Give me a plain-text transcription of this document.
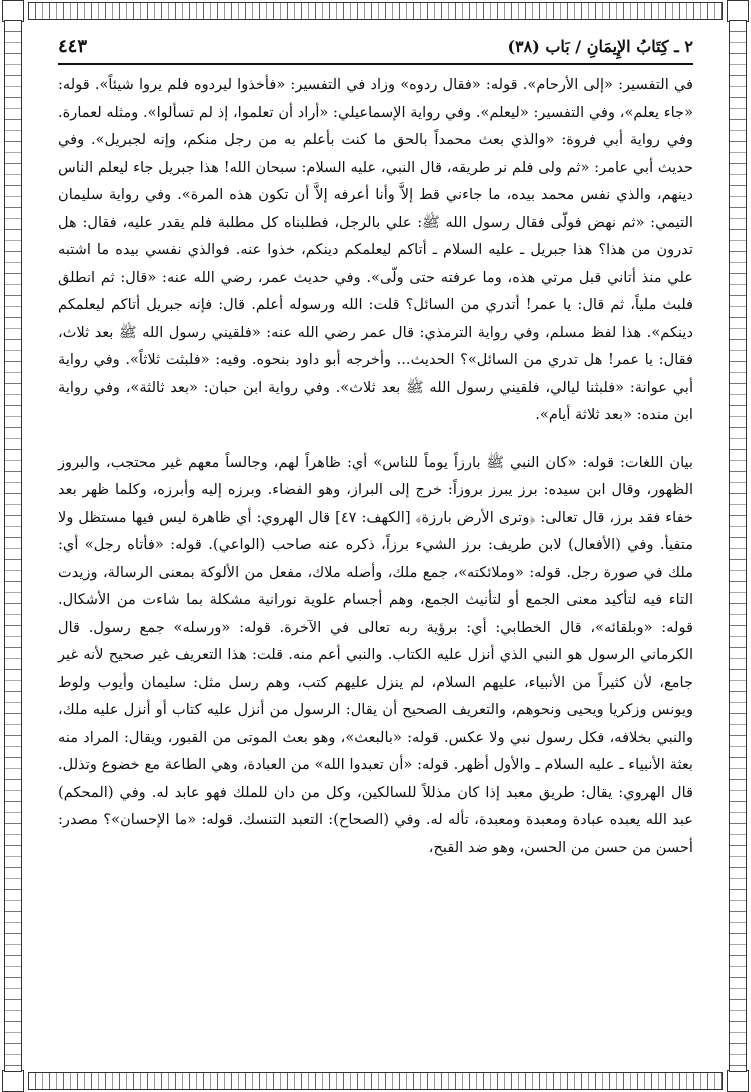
٢ ـ كِتَابُ الإِيمَانِ / بَاب (٣٨)
٤٤٣

في التفسير: «إلى الأرحام». قوله: «فقال ردوه» وزاد في التفسير: «فأخذوا ليردوه فلم يروا شيئاً». قوله: «جاء يعلم»، وفي التفسير: «ليعلم». وفي رواية الإسماعيلي: «أراد أن تعلموا، إذ لم تسألوا». ومثله لعمارة. وفي رواية أبي فروة: «والذي بعث محمداً بالحق ما كنت بأعلم به من رجل منكم، وإنه لجبريل». وفي حديث أبي عامر: «ثم ولى فلم نر طريقه، قال النبي، عليه السلام: سبحان الله! هذا جبريل جاء ليعلم الناس دينهم، والذي نفس محمد بيده، ما جاءني قط إلاَّ وأنا أعرفه إلاَّ أن تكون هذه المرة». وفي رواية سليمان التيمي: «ثم نهض فولّى فقال رسول الله ﷺ: علي بالرجل، فطلبناه كل مطلبة فلم يقدر عليه، فقال: هل تدرون من هذا؟ هذا جبريل ـ عليه السلام ـ أتاكم ليعلمكم دينكم، خذوا عنه. فوالذي نفسي بيده ما اشتبه علي منذ أتاني قبل مرتي هذه، وما عرفته حتى ولّى». وفي حديث عمر، رضي الله عنه: «قال: ثم انطلق فلبث ملياً، ثم قال: يا عمر! أتدري من السائل؟ قلت: الله ورسوله أعلم. قال: فإنه جبريل أتاكم ليعلمكم دينكم». هذا لفظ مسلم، وفي رواية الترمذي: قال عمر رضي الله عنه: «فلقيني رسول الله ﷺ بعد ثلاث، فقال: يا عمر! هل تدري من السائل»؟ الحديث... وأخرجه أبو داود بنحوه. وفيه: «فلبثت ثلاثاً». وفي رواية أبي عوانة: «فلبثنا ليالي، فلقيني رسول الله ﷺ بعد ثلاث». وفي رواية ابن حبان: «بعد ثالثة»، وفي رواية ابن منده: «بعد ثلاثة أيام».

بيان اللغات: قوله: «كان النبي ﷺ بارزاً يوماً للناس» أي: ظاهراً لهم، وجالساً معهم غير محتجب، والبروز الظهور، وقال ابن سيده: برز يبرز بروزاً: خرج إلى البراز، وهو الفضاء. وبرزه إليه وأبرزه، وكلما ظهر بعد خفاء فقد برز، قال تعالى: ﴿وترى الأرض بارزة﴾ [الكهف: ٤٧] قال الهروي: أي ظاهرة ليس فيها مستظل ولا متفيأ. وفي (الأفعال) لابن طريف: برز الشيء برزاً، ذكره عنه صاحب (الواعي). قوله: «فأتاه رجل» أي: ملك في صورة رجل. قوله: «وملائكته»، جمع ملك، وأصله ملاك، مفعل من الألوكة بمعنى الرسالة، وزيدت التاء فيه لتأكيد معنى الجمع أو لتأنيث الجمع، وهم أجسام علوية نورانية مشكلة بما شاءت من الأشكال. قوله: «وبلقائه»، قال الخطابي: أي: برؤية ربه تعالى في الآخرة. قوله: «ورسله» جمع رسول. قال الكرماني الرسول هو النبي الذي أنزل عليه الكتاب. والنبي أعم منه. قلت: هذا التعريف غير صحيح لأنه غير جامع، لأن كثيراً من الأنبياء، عليهم السلام، لم ينزل عليهم كتب، وهم رسل مثل: سليمان وأيوب ولوط ويونس وزكريا ويحيى ونحوهم، والتعريف الصحيح أن يقال: الرسول من أنزل عليه كتاب أو أنزل عليه ملك، والنبي بخلافه، فكل رسول نبي ولا عكس. قوله: «بالبعث»، وهو بعث الموتى من القبور، ويقال: المراد منه بعثة الأنبياء ـ عليه السلام ـ والأول أظهر. قوله: «أن تعبدوا الله» من العبادة، وهي الطاعة مع خضوع وتذلل. قال الهروي: يقال: طريق معبد إذا كان مذللاً للسالكين، وكل من دان للملك فهو عابد له. وفي (المحكم) عبد الله يعبده عبادة ومعبدة ومعبدة، تأله له. وفي (الصحاح): التعبد التنسك. قوله: «ما الإحسان»؟ مصدر: أحسن من حسن من الحسن، وهو ضد القبح،
